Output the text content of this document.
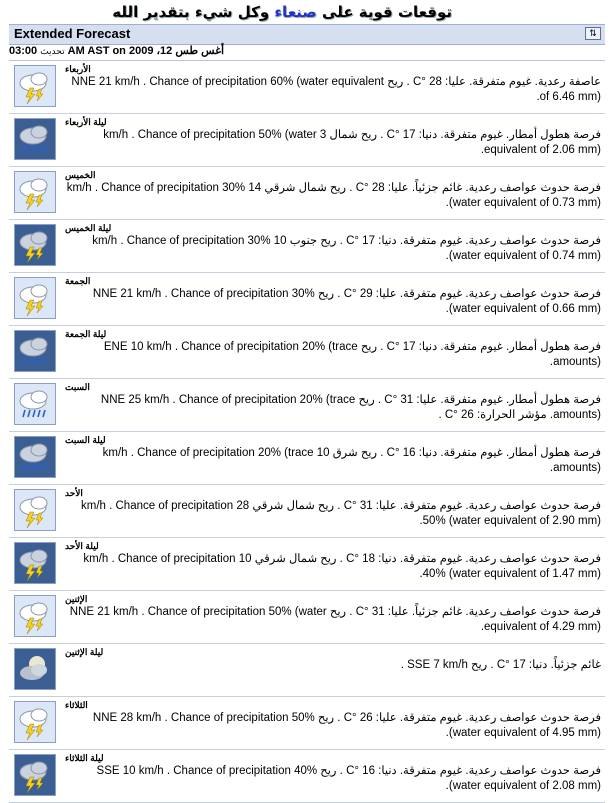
توقعات قوية على صنعاء وكل شيء بتقدير الله
Extended Forecast	⇅
03:00 تحديث AM AST on 2009 ،12 أغس طس
الأربعاء
عاصفة رعدية. غيوم متفرقة. عليا: 28 °C . ريح NNE 21 km/h . Chance of precipitation 60% (water equivalent of 6.46 mm).
ليلة الأربعاء
فرصة هطول أمطار. غيوم متفرقة. دنيا: 17 °C . ريح شمال 3 km/h . Chance of precipitation 50% (water equivalent of 2.06 mm).
الخميس
فرصة حدوث عواصف رعدية. غائم جزئياً. عليا: 28 °C . ريح شمال شرقي 14 km/h . Chance of precipitation 30% (water equivalent of 0.73 mm).
ليلة الخميس
فرصة حدوث عواصف رعدية. غيوم متفرقة. دنيا: 17 °C . ريح جنوب 10 km/h . Chance of precipitation 30% (water equivalent of 0.74 mm).
الجمعة
فرصة حدوث عواصف رعدية. غيوم متفرقة. عليا: 29 °C . ريح NNE 21 km/h . Chance of precipitation 30% (water equivalent of 0.66 mm).
ليلة الجمعة
فرصة هطول أمطار. غيوم متفرقة. دنيا: 17 °C . ريح ENE 10 km/h . Chance of precipitation 20% (trace amounts).
السبت
فرصة هطول أمطار. غيوم متفرقة. عليا: 31 °C . ريح NNE 25 km/h . Chance of precipitation 20% (trace amounts). مؤشر الحرارة: 26 °C .
ليلة السبت
فرصة هطول أمطار. غيوم متفرقة. دنيا: 16 °C . ريح شرق 10 km/h . Chance of precipitation 20% (trace amounts).
الأحد
فرصة حدوث عواصف رعدية. غيوم متفرقة. عليا: 31 °C . ريح شمال شرقي 28 km/h . Chance of precipitation 50% (water equivalent of 2.90 mm).
ليلة الأحد
فرصة حدوث عواصف رعدية. غيوم متفرقة. دنيا: 18 °C . ريح شمال شرقي 10 km/h . Chance of precipitation 40% (water equivalent of 1.47 mm).
الإثنين
فرصة حدوث عواصف رعدية. غائم جزئياً. عليا: 31 °C . ريح NNE 21 km/h . Chance of precipitation 50% (water equivalent of 4.29 mm).
ليلة الإثنين
غائم جزئياً. دنيا: 17 °C . ريح SSE 7 km/h .
الثلاثاء
فرصة حدوث عواصف رعدية. غيوم متفرقة. عليا: 26 °C . ريح NNE 28 km/h . Chance of precipitation 50% (water equivalent of 4.95 mm).
ليلة الثلاثاء
فرصة حدوث عواصف رعدية. غيوم متفرقة. دنيا: 16 °C . ريح SSE 10 km/h . Chance of precipitation 40% (water equivalent of 2.08 mm).
